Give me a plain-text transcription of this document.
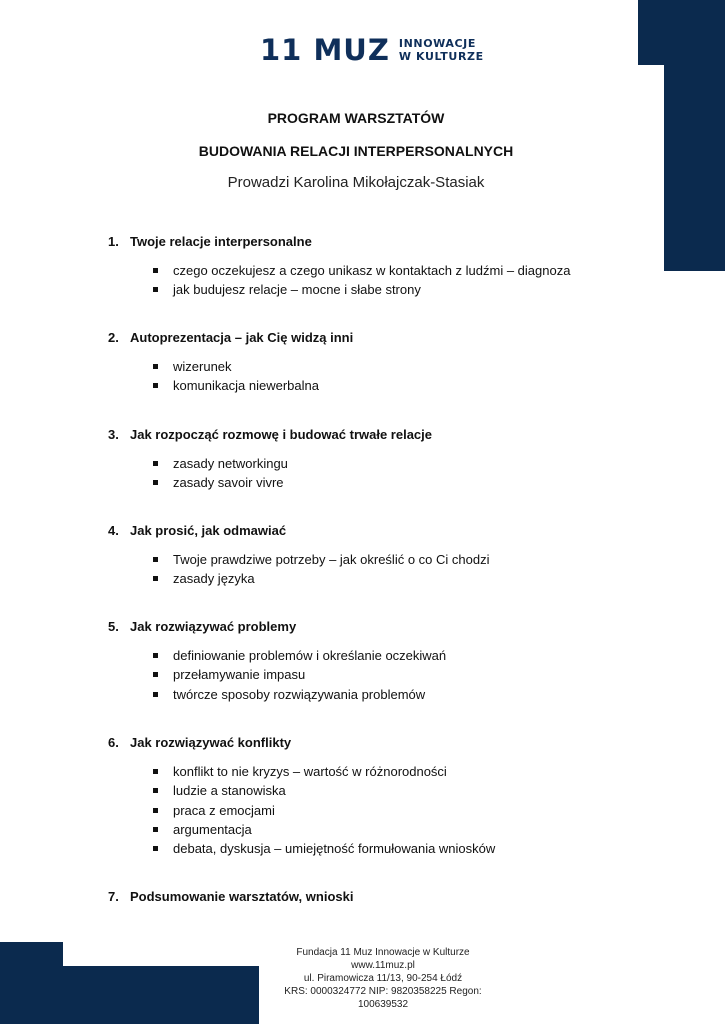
11 MUZ INNOWACJE
W KULTURZE
PROGRAM WARSZTATÓW
BUDOWANIA RELACJI INTERPERSONALNYCH
Prowadzi Karolina Mikołajczak-Stasiak
1. Twoje relacje interpersonalne
czego oczekujesz a czego unikasz w kontaktach z ludźmi – diagnoza
jak budujesz relacje – mocne i słabe strony
2. Autoprezentacja – jak Cię widzą inni
wizerunek
komunikacja niewerbalna
3. Jak rozpocząć rozmowę i budować trwałe relacje
zasady networkingu
zasady savoir vivre
4. Jak prosić, jak odmawiać
Twoje prawdziwe potrzeby – jak określić o co Ci chodzi
zasady języka
5. Jak rozwiązywać problemy
definiowanie problemów i określanie oczekiwań
przełamywanie impasu
twórcze sposoby rozwiązywania problemów
6. Jak rozwiązywać konflikty
konflikt to nie kryzys – wartość w różnorodności
ludzie a stanowiska
praca z emocjami
argumentacja
debata, dyskusja – umiejętność formułowania wniosków
7. Podsumowanie warsztatów, wnioski
Fundacja 11 Muz Innowacje w Kulturze
www.11muz.pl
ul. Piramowicza 11/13, 90-254 Łódź
KRS: 0000324772 NIP: 9820358225 Regon: 100639532
